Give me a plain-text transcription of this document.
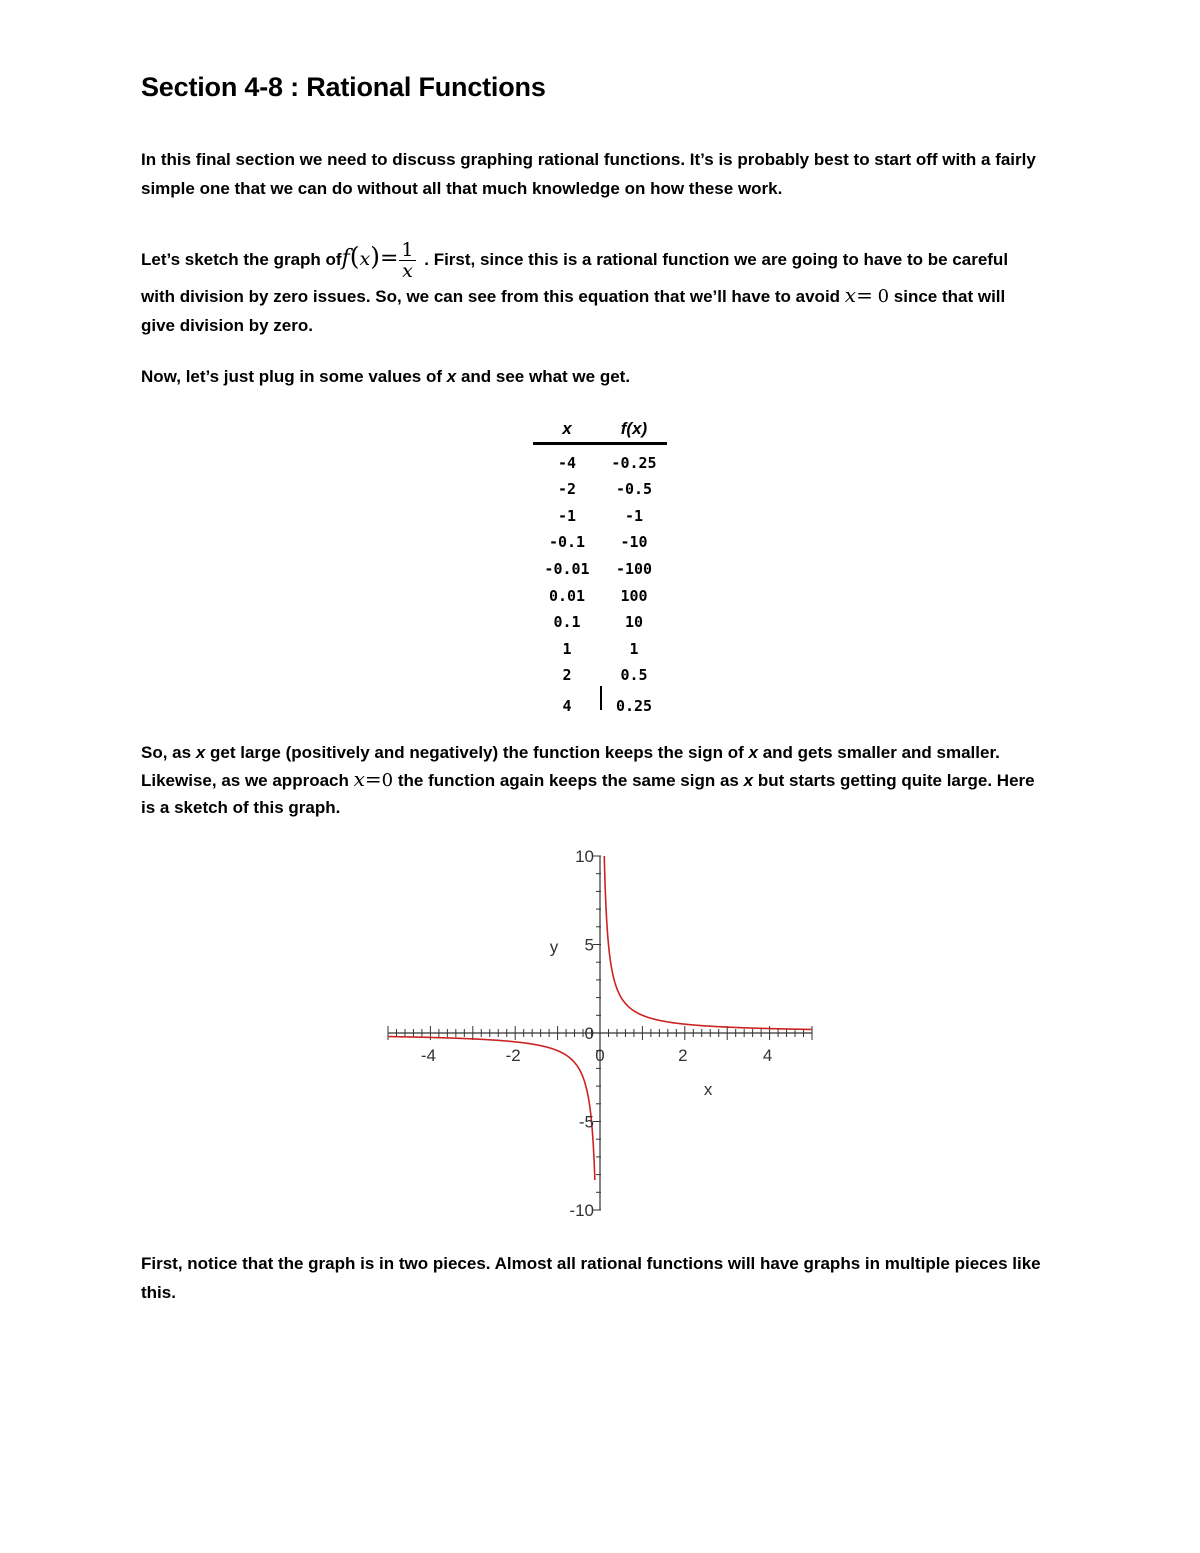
Section 4-8 : Rational Functions

In this final section we need to discuss graphing rational functions. It’s is probably best to start off with a fairly simple one that we can do without all that much knowledge on how these work.

Let’s sketch the graph $off(x)= \frac{1}{x}$ . First, since this is a rational function we are going to have to be careful with division by zero issues. So, we can see from this equation that we’ll have to avoid x= 0 since that will give division by zero.

Now, let’s just plug in some values of x and see what we get.

x	f(x)
-4	-0.25
-2	-0.5
-1	-1
-0.1	-10
-0.01	-100
0.01	100
0.1	10
1	1
2	0.5
4	0.25

So, as x get large (positively and negatively) the function keeps the sign of x and gets smaller and smaller. Likewise, as we approach x=0 the function again keeps the same sign as x but starts getting quite large. Here is a sketch of this graph.

-4	-2	0	2	4
10
5
0
-5
-10
x
y

First, notice that the graph is in two pieces. Almost all rational functions will have graphs in multiple pieces like this.
